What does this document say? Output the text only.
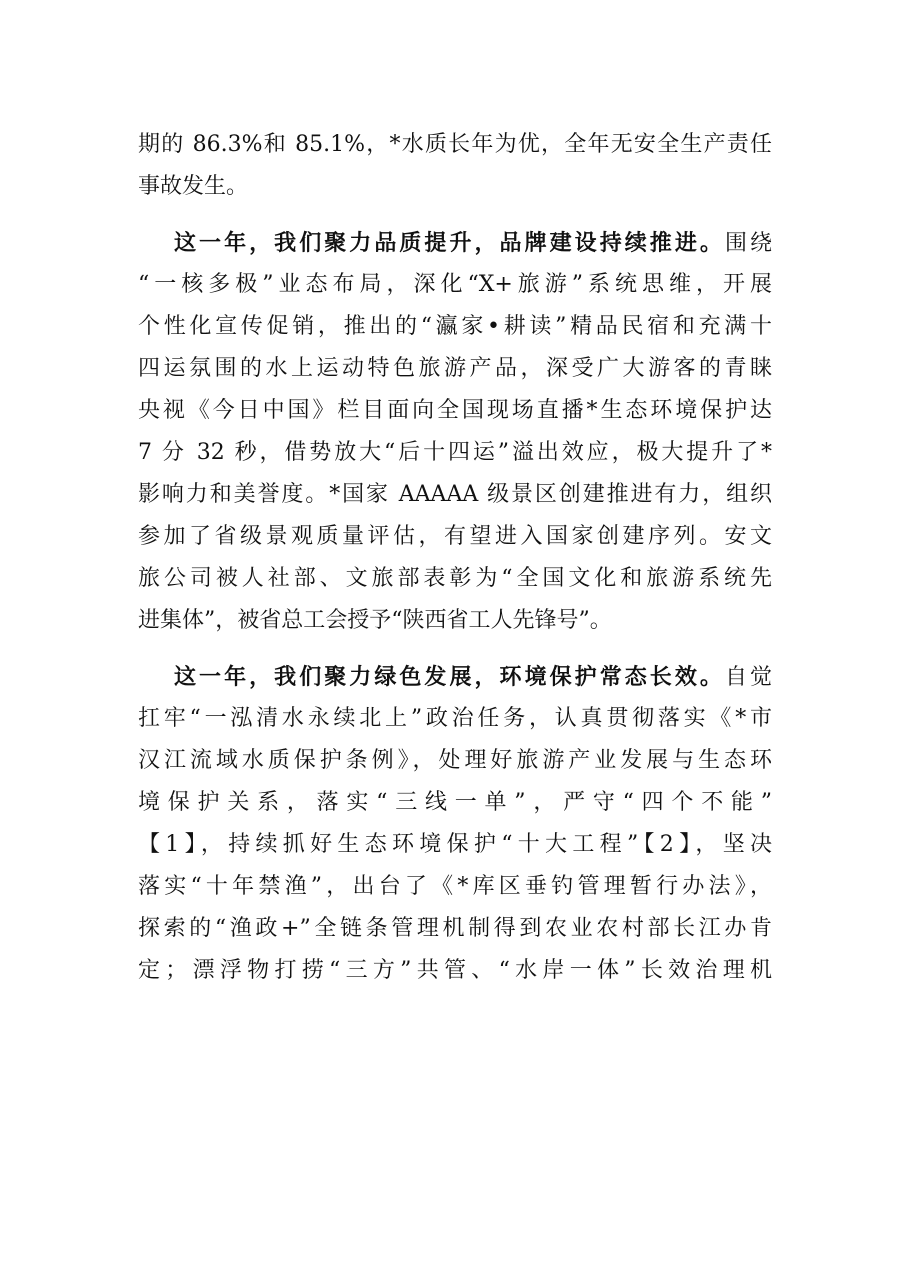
期的 86.3%和 85.1%，*水质长年为优，全年无安全生产责任
事故发生。
这一年，我们聚力品质提升，品牌建设持续推进。围绕
“一核多极”业态布局，深化“X+旅游”系统思维，开展
个性化宣传促销，推出的“瀛家•耕读”精品民宿和充满十
四运氛围的水上运动特色旅游产品，深受广大游客的青睐
央视《今日中国》栏目面向全国现场直播*生态环境保护达
7 分 32 秒，借势放大“后十四运”溢出效应，极大提升了*
影响力和美誉度。*国家 AAAAA 级景区创建推进有力，组织
参加了省级景观质量评估，有望进入国家创建序列。安文
旅公司被人社部、文旅部表彰为“全国文化和旅游系统先
进集体”，被省总工会授予“陕西省工人先锋号”。
这一年，我们聚力绿色发展，环境保护常态长效。自觉
扛牢“一泓清水永续北上”政治任务，认真贯彻落实《*市
汉江流域水质保护条例》，处理好旅游产业发展与生态环
境保护关系，落实“三线一单”，严守“四个不能”
【1】，持续抓好生态环境保护“十大工程”【2】，坚决
落实“十年禁渔”，出台了《*库区垂钓管理暂行办法》，
探索的“渔政+”全链条管理机制得到农业农村部长江办肯
定；漂浮物打捞“三方”共管、“水岸一体”长效治理机
